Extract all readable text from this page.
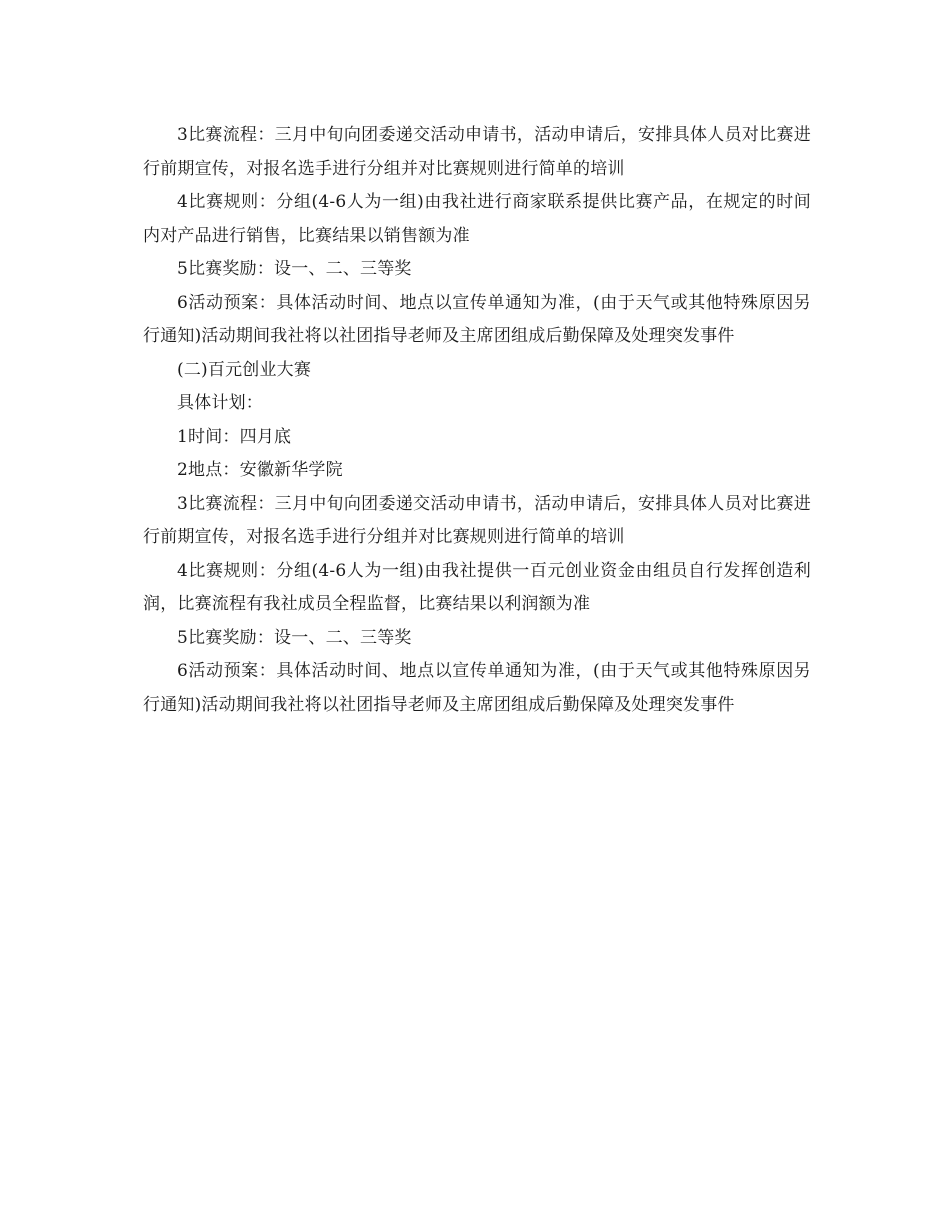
3比赛流程：三月中旬向团委递交活动申请书，活动申请后，安排具体人员对比赛进行前期宣传，对报名选手进行分组并对比赛规则进行简单的培训

4比赛规则：分组(4-6人为一组)由我社进行商家联系提供比赛产品，在规定的时间内对产品进行销售，比赛结果以销售额为准

5比赛奖励：设一、二、三等奖

6活动预案：具体活动时间、地点以宣传单通知为准，(由于天气或其他特殊原因另行通知)活动期间我社将以社团指导老师及主席团组成后勤保障及处理突发事件

(二)百元创业大赛

具体计划：

1时间：四月底

2地点：安徽新华学院

3比赛流程：三月中旬向团委递交活动申请书，活动申请后，安排具体人员对比赛进行前期宣传，对报名选手进行分组并对比赛规则进行简单的培训

4比赛规则：分组(4-6人为一组)由我社提供一百元创业资金由组员自行发挥创造利润，比赛流程有我社成员全程监督，比赛结果以利润额为准

5比赛奖励：设一、二、三等奖

6活动预案：具体活动时间、地点以宣传单通知为准，(由于天气或其他特殊原因另行通知)活动期间我社将以社团指导老师及主席团组成后勤保障及处理突发事件
